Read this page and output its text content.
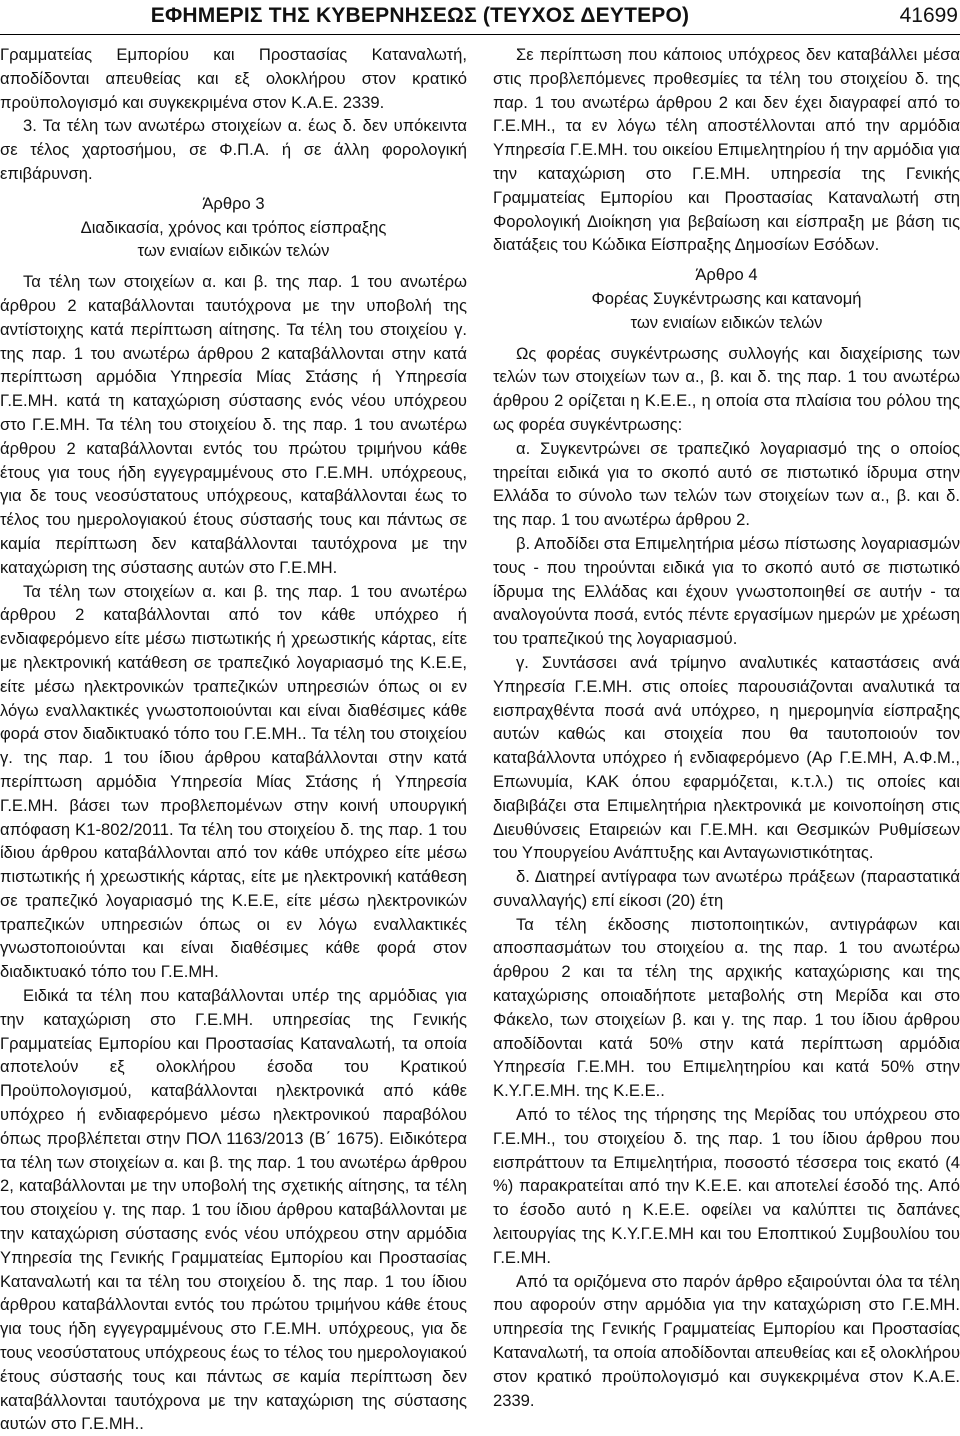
ΕΦΗΜΕΡΙΣ ΤΗΣ ΚΥΒΕΡΝΗΣΕΩΣ (ΤΕΥΧΟΣ ΔΕΥΤΕΡΟ)	41699

Γραμματείας Εμπορίου και Προστασίας Καταναλωτή, αποδίδονται απευθείας και εξ ολοκλήρου στον κρατικό προϋπολογισμό και συγκεκριμένα στον Κ.Α.Ε. 2339.

3. Τα τέλη των ανωτέρω στοιχείων α. έως δ. δεν υπόκειντα σε τέλος χαρτοσήμου, σε Φ.Π.Α. ή σε άλλη φορολογική επιβάρυνση.

Άρθρο 3
Διαδικασία, χρόνος και τρόπος είσπραξης
των ενιαίων ειδικών τελών

Τα τέλη των στοιχείων α. και β. της παρ. 1 του ανωτέρω άρθρου 2 καταβάλλονται ταυτόχρονα με την υποβολή της αντίστοιχης κατά περίπτωση αίτησης. Τα τέλη του στοιχείου γ. της παρ. 1 του ανωτέρω άρθρου 2 καταβάλλονται στην κατά περίπτωση αρμόδια Υπηρεσία Μίας Στάσης ή Υπηρεσία Γ.Ε.ΜΗ. κατά τη καταχώριση σύστασης ενός νέου υπόχρεου στο Γ.Ε.ΜΗ. Τα τέλη του στοιχείου δ. της παρ. 1 του ανωτέρω άρθρου 2 καταβάλλονται εντός του πρώτου τριμήνου κάθε έτους για τους ήδη εγγεγραμμένους στο Γ.Ε.ΜΗ. υπόχρεους, για δε τους νεοσύστατους υπόχρεους, καταβάλλονται έως το τέλος του ημερολογιακού έτους σύστασής τους και πάντως σε καμία περίπτωση δεν καταβάλλονται ταυτόχρονα με την καταχώριση της σύστασης αυτών στο Γ.Ε.ΜΗ.

Τα τέλη των στοιχείων α. και β. της παρ. 1 του ανωτέρω άρθρου 2 καταβάλλονται από τον κάθε υπόχρεο ή ενδιαφερόμενο είτε μέσω πιστωτικής ή χρεωστικής κάρτας, είτε με ηλεκτρονική κατάθεση σε τραπεζικό λογαριασμό της Κ.Ε.Ε, είτε μέσω ηλεκτρονικών τραπεζικών υπηρεσιών όπως οι εν λόγω εναλλακτικές γνωστοποιούνται και είναι διαθέσιμες κάθε φορά στον διαδικτυακό τόπο του Γ.Ε.ΜΗ.. Τα τέλη του στοιχείου γ. της παρ. 1 του ίδιου άρθρου καταβάλλονται στην κατά περίπτωση αρμόδια Υπηρεσία Μίας Στάσης ή Υπηρεσία Γ.Ε.ΜΗ. βάσει των προβλεπομένων στην κοινή υπουργική απόφαση Κ1-802/2011. Τα τέλη του στοιχείου δ. της παρ. 1 του ίδιου άρθρου καταβάλλονται από τον κάθε υπόχρεο είτε μέσω πιστωτικής ή χρεωστικής κάρτας, είτε με ηλεκτρονική κατάθεση σε τραπεζικό λογαριασμό της Κ.Ε.Ε, είτε μέσω ηλεκτρονικών τραπεζικών υπηρεσιών όπως οι εν λόγω εναλλακτικές γνωστοποιούνται και είναι διαθέσιμες κάθε φορά στον διαδικτυακό τόπο του Γ.Ε.ΜΗ.

Ειδικά τα τέλη που καταβάλλονται υπέρ της αρμόδιας για την καταχώριση στο Γ.Ε.ΜΗ. υπηρεσίας της Γενικής Γραμματείας Εμπορίου και Προστασίας Καταναλωτή, τα οποία αποτελούν εξ ολοκλήρου έσοδα του Κρατικού Προϋπολογισμού, καταβάλλονται ηλεκτρονικά από κάθε υπόχρεο ή ενδιαφερόμενο μέσω ηλεκτρονικού παραβόλου όπως προβλέπεται στην ΠΟΛ 1163/2013 (Β΄ 1675). Ειδικότερα τα τέλη των στοιχείων α. και β. της παρ. 1 του ανωτέρω άρθρου 2, καταβάλλονται με την υποβολή της σχετικής αίτησης, τα τέλη του στοιχείου γ. της παρ. 1 του ίδιου άρθρου καταβάλλονται με την καταχώριση σύστασης ενός νέου υπόχρεου στην αρμόδια Υπηρεσία της Γενικής Γραμματείας Εμπορίου και Προστασίας Καταναλωτή και τα τέλη του στοιχείου δ. της παρ. 1 του ίδιου άρθρου καταβάλλονται εντός του πρώτου τριμήνου κάθε έτους για τους ήδη εγγεγραμμένους στο Γ.Ε.ΜΗ. υπόχρεους, για δε τους νεοσύστατους υπόχρεους έως το τέλος του ημερολογιακού έτους σύστασής τους και πάντως σε καμία περίπτωση δεν καταβάλλονται ταυτόχρονα με την καταχώριση της σύστασης αυτών στο Γ.Ε.ΜΗ..

Σε περίπτωση που κάποιος υπόχρεος δεν καταβάλλει μέσα στις προβλεπόμενες προθεσμίες τα τέλη του στοιχείου δ. της παρ. 1 του ανωτέρω άρθρου 2 και δεν έχει διαγραφεί από το Γ.Ε.ΜΗ., τα εν λόγω τέλη αποστέλλονται από την αρμόδια Υπηρεσία Γ.Ε.ΜΗ. του οικείου Επιμελητηρίου ή την αρμόδια για την καταχώριση στο Γ.Ε.ΜΗ. υπηρεσία της Γενικής Γραμματείας Εμπορίου και Προστασίας Καταναλωτή στη Φορολογική Διοίκηση για βεβαίωση και είσπραξη με βάση τις διατάξεις του Κώδικα Είσπραξης Δημοσίων Εσόδων.

Άρθρο 4
Φορέας Συγκέντρωσης και κατανομή
των ενιαίων ειδικών τελών

Ως φορέας συγκέντρωσης συλλογής και διαχείρισης των τελών των στοιχείων των α., β. και δ. της παρ. 1 του ανωτέρω άρθρου 2 ορίζεται η Κ.Ε.Ε., η οποία στα πλαίσια του ρόλου της ως φορέα συγκέντρωσης:

α. Συγκεντρώνει σε τραπεζικό λογαριασμό της ο οποίος τηρείται ειδικά για το σκοπό αυτό σε πιστωτικό ίδρυμα στην Ελλάδα το σύνολο των τελών των στοιχείων των α., β. και δ. της παρ. 1 του ανωτέρω άρθρου 2.

β. Αποδίδει στα Επιμελητήρια μέσω πίστωσης λογαριασμών τους - που τηρούνται ειδικά για το σκοπό αυτό σε πιστωτικό ίδρυμα της Ελλάδας και έχουν γνωστοποιηθεί σε αυτήν - τα αναλογούντα ποσά, εντός πέντε εργασίμων ημερών με χρέωση του τραπεζικού της λογαριασμού.

γ. Συντάσσει ανά τρίμηνο αναλυτικές καταστάσεις ανά Υπηρεσία Γ.Ε.ΜΗ. στις οποίες παρουσιάζονται αναλυτικά τα εισπραχθέντα ποσά ανά υπόχρεο, η ημερομηνία είσπραξης αυτών καθώς και στοιχεία που θα ταυτοποιούν τον καταβάλλοντα υπόχρεο ή ενδιαφερόμενο (Αρ Γ.Ε.ΜΗ, Α.Φ.Μ., Επωνυμία, ΚΑΚ όπου εφαρμόζεται, κ.τ.λ.) τις οποίες και διαβιβάζει στα Επιμελητήρια ηλεκτρονικά με κοινοποίηση στις Διευθύνσεις Εταιρειών και Γ.Ε.ΜΗ. και Θεσμικών Ρυθμίσεων του Υπουργείου Ανάπτυξης και Ανταγωνιστικότητας.

δ. Διατηρεί αντίγραφα των ανωτέρω πράξεων (παραστατικά συναλλαγής) επί είκοσι (20) έτη

Τα τέλη έκδοσης πιστοποιητικών, αντιγράφων και αποσπασμάτων του στοιχείου α. της παρ. 1 του ανωτέρω άρθρου 2 και τα τέλη της αρχικής καταχώρισης και της καταχώρισης οποιαδήποτε μεταβολής στη Μερίδα και στο Φάκελο, των στοιχείων β. και γ. της παρ. 1 του ίδιου άρθρου αποδίδονται κατά 50% στην κατά περίπτωση αρμόδια Υπηρεσία Γ.Ε.ΜΗ. του Επιμελητηρίου και κατά 50% στην Κ.Υ.Γ.Ε.ΜΗ. της Κ.Ε.Ε..

Από το τέλος της τήρησης της Μερίδας του υπόχρεου στο Γ.Ε.ΜΗ., του στοιχείου δ. της παρ. 1 του ίδιου άρθρου που εισπράττουν τα Επιμελητήρια, ποσοστό τέσσερα τοις εκατό (4 %) παρακρατείται από την Κ.Ε.Ε. και αποτελεί έσοδό της. Από το έσοδο αυτό η Κ.Ε.Ε. οφείλει να καλύπτει τις δαπάνες λειτουργίας της Κ.Υ.Γ.Ε.ΜΗ και του Εποπτικού Συμβουλίου του Γ.Ε.ΜΗ.

Από τα οριζόμενα στο παρόν άρθρο εξαιρούνται όλα τα τέλη που αφορούν στην αρμόδια για την καταχώριση στο Γ.Ε.ΜΗ. υπηρεσία της Γενικής Γραμματείας Εμπορίου και Προστασίας Καταναλωτή, τα οποία αποδίδονται απευθείας και εξ ολοκλήρου στον κρατικό προϋπολογισμό και συγκεκριμένα στον Κ.Α.Ε. 2339.
